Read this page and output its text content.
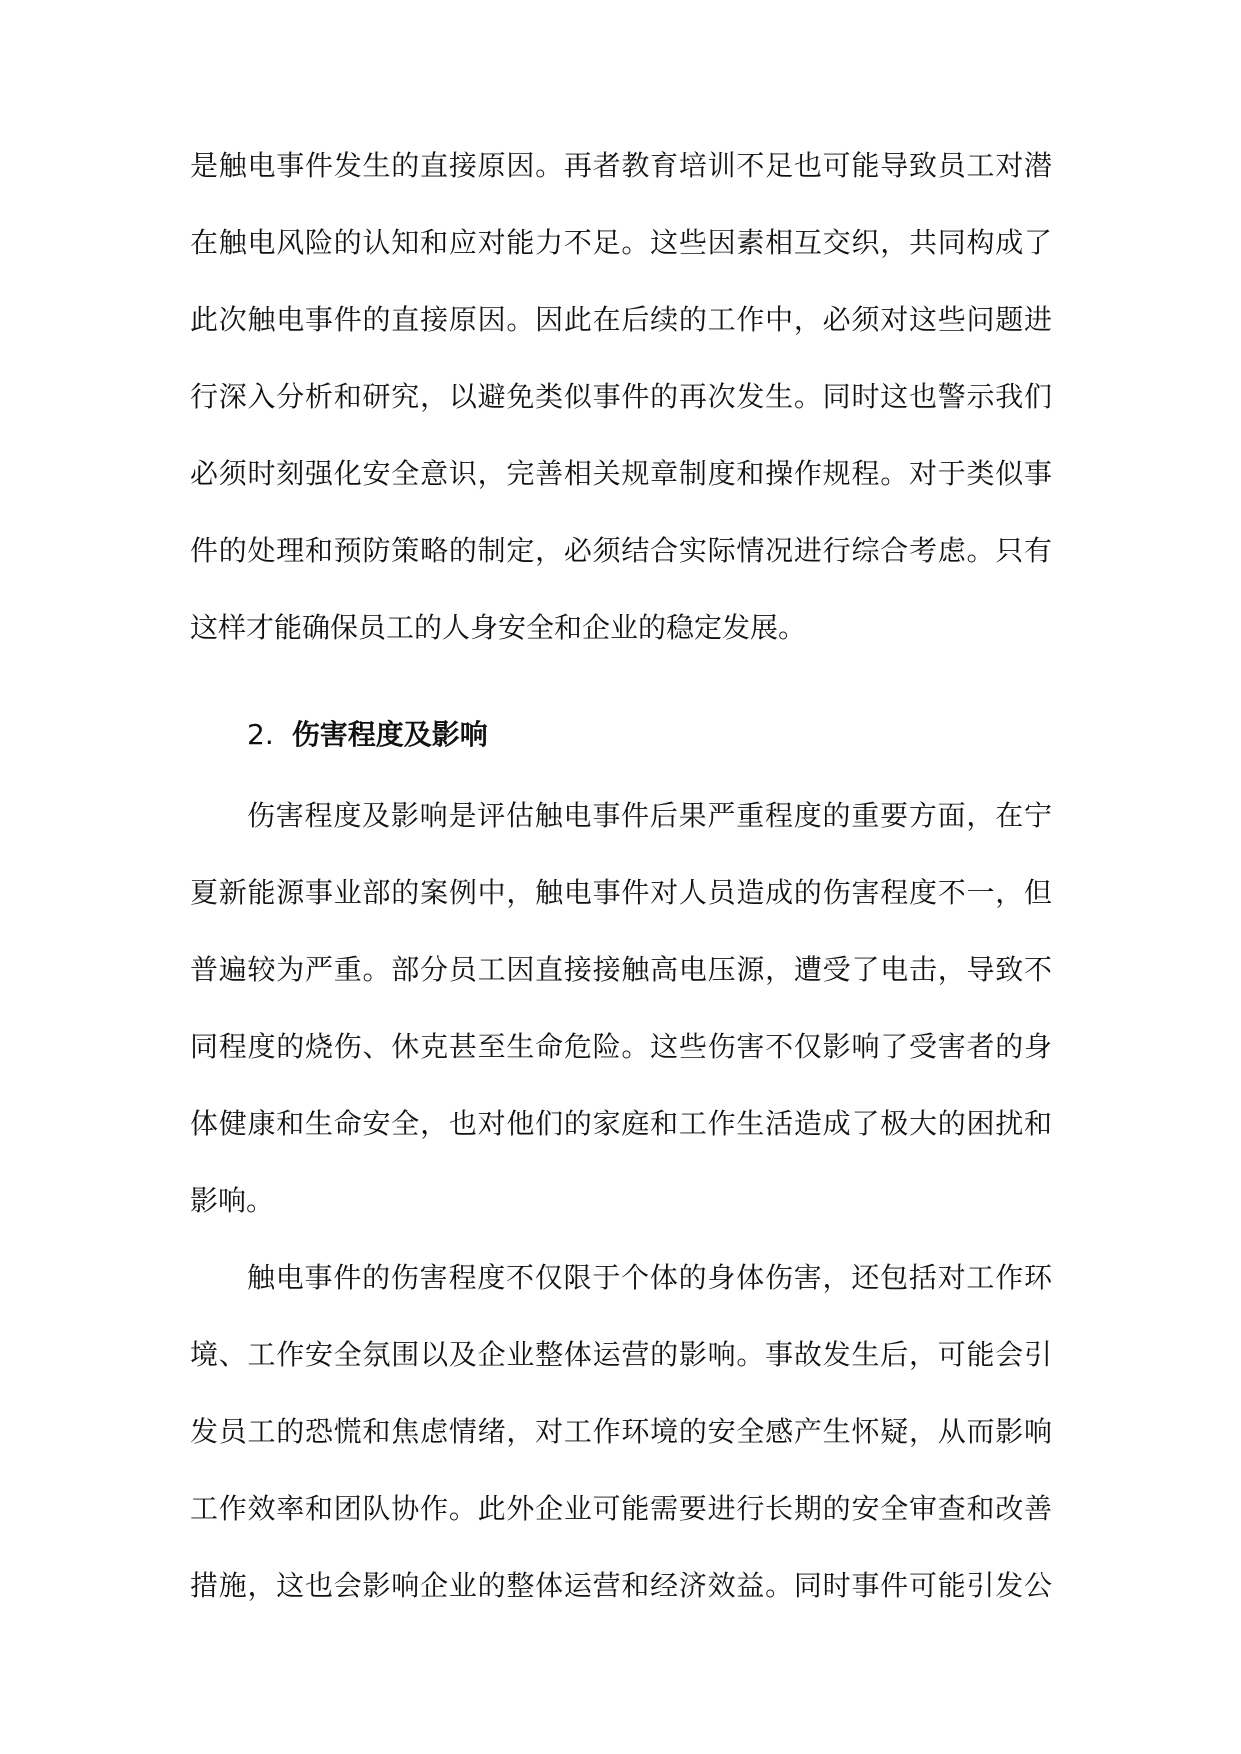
是触电事件发生的直接原因。再者教育培训不足也可能导致员工对潜
在触电风险的认知和应对能力不足。这些因素相互交织，共同构成了
此次触电事件的直接原因。因此在后续的工作中，必须对这些问题进
行深入分析和研究，以避免类似事件的再次发生。同时这也警示我们
必须时刻强化安全意识，完善相关规章制度和操作规程。对于类似事
件的处理和预防策略的制定，必须结合实际情况进行综合考虑。只有
这样才能确保员工的人身安全和企业的稳定发展。
2. 伤害程度及影响
伤害程度及影响是评估触电事件后果严重程度的重要方面，在宁
夏新能源事业部的案例中，触电事件对人员造成的伤害程度不一，但
普遍较为严重。部分员工因直接接触高电压源，遭受了电击，导致不
同程度的烧伤、休克甚至生命危险。这些伤害不仅影响了受害者的身
体健康和生命安全，也对他们的家庭和工作生活造成了极大的困扰和
影响。
触电事件的伤害程度不仅限于个体的身体伤害，还包括对工作环
境、工作安全氛围以及企业整体运营的影响。事故发生后，可能会引
发员工的恐慌和焦虑情绪，对工作环境的安全感产生怀疑，从而影响
工作效率和团队协作。此外企业可能需要进行长期的安全审查和改善
措施，这也会影响企业的整体运营和经济效益。同时事件可能引发公
